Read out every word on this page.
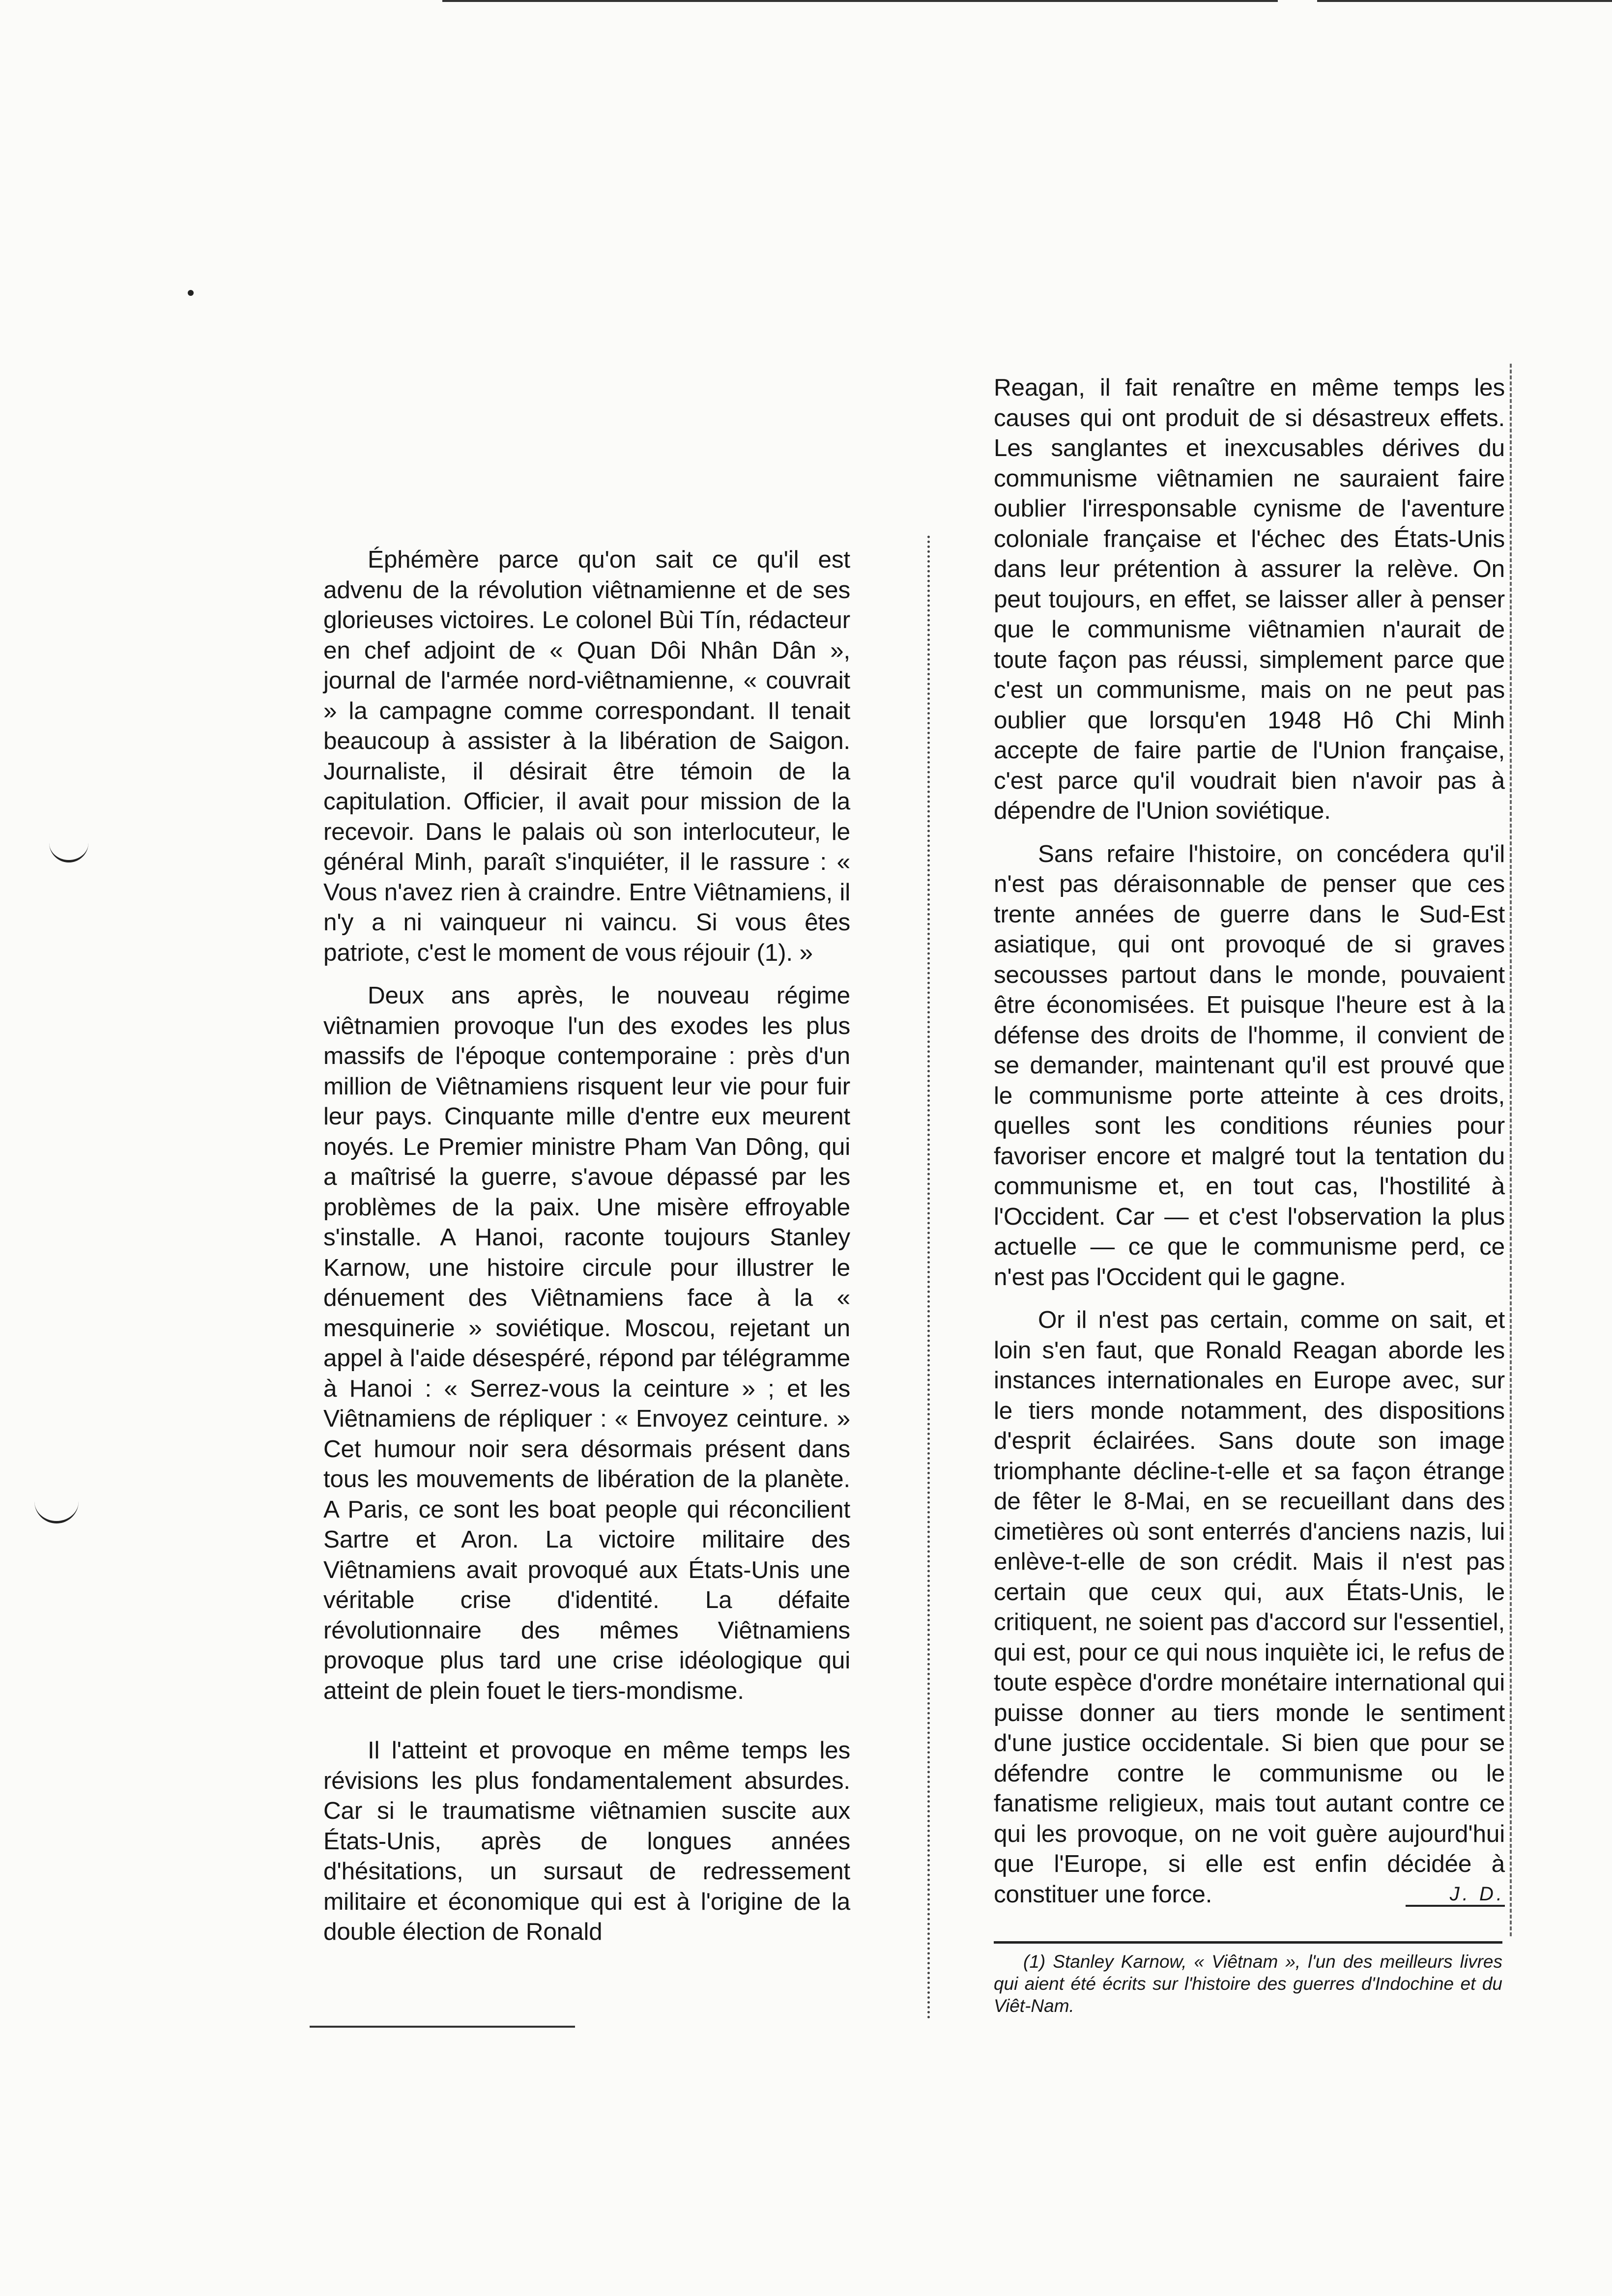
Éphémère parce qu'on sait ce qu'il est advenu de la révolution viêtnamienne et de ses glorieuses victoires. Le colonel Bùi Tín, rédacteur en chef adjoint de « Quan Dôi Nhân Dân », journal de l'armée nord-viêtnamienne, « couvrait » la campagne comme correspondant. Il tenait beaucoup à assister à la libération de Saigon. Journaliste, il désirait être témoin de la capitulation. Officier, il avait pour mission de la recevoir. Dans le palais où son interlocuteur, le général Minh, paraît s'inquiéter, il le rassure : « Vous n'avez rien à craindre. Entre Viêtnamiens, il n'y a ni vainqueur ni vaincu. Si vous êtes patriote, c'est le moment de vous réjouir (1). »

Deux ans après, le nouveau régime viêtnamien provoque l'un des exodes les plus massifs de l'époque contemporaine : près d'un million de Viêtnamiens risquent leur vie pour fuir leur pays. Cinquante mille d'entre eux meurent noyés. Le Premier ministre Pham Van Dông, qui a maîtrisé la guerre, s'avoue dépassé par les problèmes de la paix. Une misère effroyable s'installe. A Hanoi, raconte toujours Stanley Karnow, une histoire circule pour illustrer le dénuement des Viêtnamiens face à la « mesquinerie » soviétique. Moscou, rejetant un appel à l'aide désespéré, répond par télégramme à Hanoi : « Serrez-vous la ceinture » ; et les Viêtnamiens de répliquer : « Envoyez ceinture. » Cet humour noir sera désormais présent dans tous les mouvements de libération de la planète. A Paris, ce sont les boat people qui réconcilient Sartre et Aron. La victoire militaire des Viêtnamiens avait provoqué aux États-Unis une véritable crise d'identité. La défaite révolutionnaire des mêmes Viêtnamiens provoque plus tard une crise idéologique qui atteint de plein fouet le tiers-mondisme.

Il l'atteint et provoque en même temps les révisions les plus fondamentalement absurdes. Car si le traumatisme viêtnamien suscite aux États-Unis, après de longues années d'hésitations, un sursaut de redressement militaire et économique qui est à l'origine de la double élection de Ronald

Reagan, il fait renaître en même temps les causes qui ont produit de si désastreux effets. Les sanglantes et inexcusables dérives du communisme viêtnamien ne sauraient faire oublier l'irresponsable cynisme de l'aventure coloniale française et l'échec des États-Unis dans leur prétention à assurer la relève. On peut toujours, en effet, se laisser aller à penser que le communisme viêtnamien n'aurait de toute façon pas réussi, simplement parce que c'est un communisme, mais on ne peut pas oublier que lorsqu'en 1948 Hô Chi Minh accepte de faire partie de l'Union française, c'est parce qu'il voudrait bien n'avoir pas à dépendre de l'Union soviétique.

Sans refaire l'histoire, on concédera qu'il n'est pas déraisonnable de penser que ces trente années de guerre dans le Sud-Est asiatique, qui ont provoqué de si graves secousses partout dans le monde, pouvaient être économisées. Et puisque l'heure est à la défense des droits de l'homme, il convient de se demander, maintenant qu'il est prouvé que le communisme porte atteinte à ces droits, quelles sont les conditions réunies pour favoriser encore et malgré tout la tentation du communisme et, en tout cas, l'hostilité à l'Occident. Car — et c'est l'observation la plus actuelle — ce que le communisme perd, ce n'est pas l'Occident qui le gagne.

Or il n'est pas certain, comme on sait, et loin s'en faut, que Ronald Reagan aborde les instances internationales en Europe avec, sur le tiers monde notamment, des dispositions d'esprit éclairées. Sans doute son image triomphante décline-t-elle et sa façon étrange de fêter le 8-Mai, en se recueillant dans des cimetières où sont enterrés d'anciens nazis, lui enlève-t-elle de son crédit. Mais il n'est pas certain que ceux qui, aux États-Unis, le critiquent, ne soient pas d'accord sur l'essentiel, qui est, pour ce qui nous inquiète ici, le refus de toute espèce d'ordre monétaire international qui puisse donner au tiers monde le sentiment d'une justice occidentale. Si bien que pour se défendre contre le communisme ou le fanatisme religieux, mais tout autant contre ce qui les provoque, on ne voit guère aujourd'hui que l'Europe, si elle est enfin décidée à constituer une force.	J. D.

(1) Stanley Karnow, « Viêtnam », l'un des meilleurs livres qui aient été écrits sur l'histoire des guerres d'Indochine et du Viêt-Nam.
